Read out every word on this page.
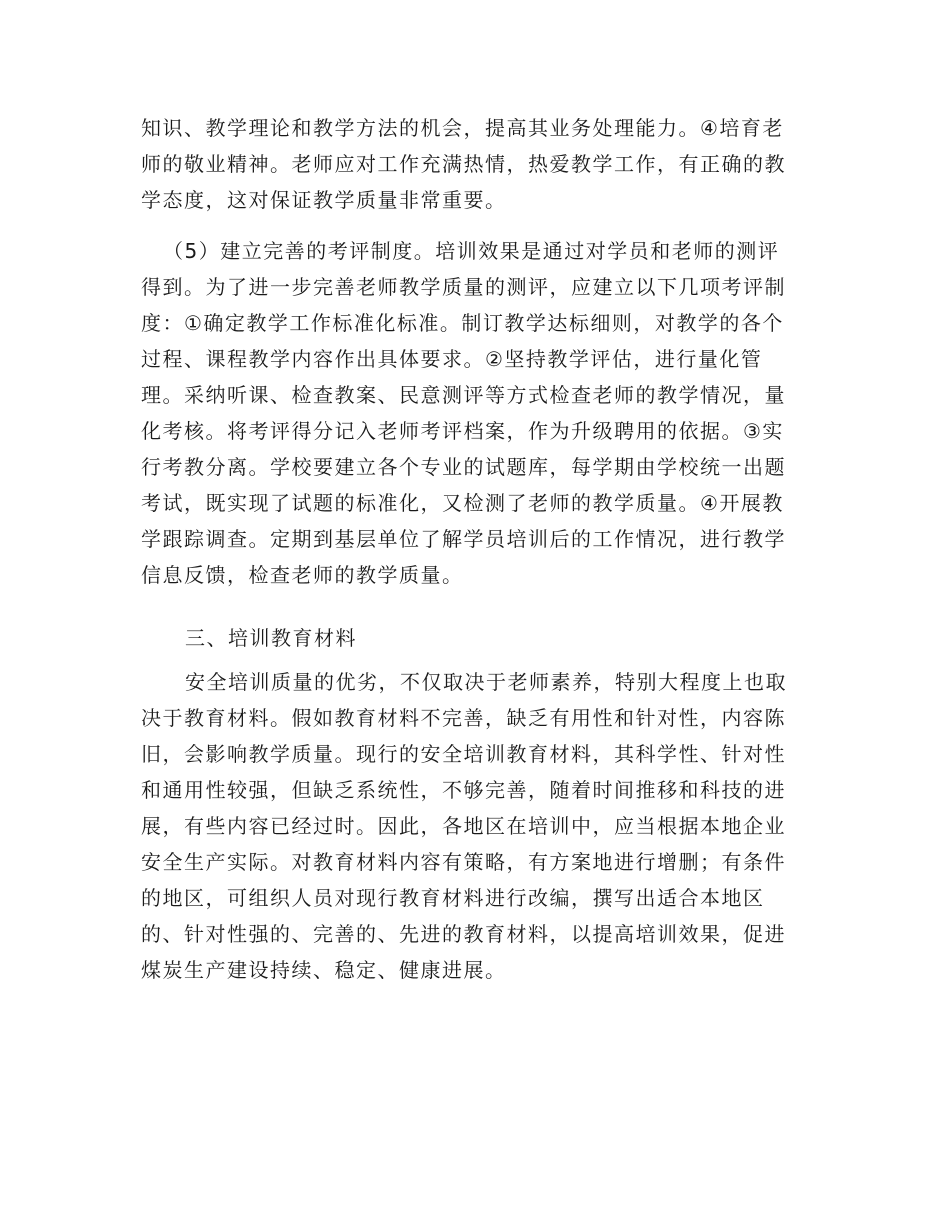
知识、教学理论和教学方法的机会，提高其业务处理能力。④培育老
师的敬业精神。老师应对工作充满热情，热爱教学工作，有正确的教
学态度，这对保证教学质量非常重要。
（5）建立完善的考评制度。培训效果是通过对学员和老师的测评
得到。为了进一步完善老师教学质量的测评，应建立以下几项考评制
度：①确定教学工作标准化标准。制订教学达标细则，对教学的各个
过程、课程教学内容作出具体要求。②坚持教学评估，进行量化管
理。采纳听课、检查教案、民意测评等方式检查老师的教学情况，量
化考核。将考评得分记入老师考评档案，作为升级聘用的依据。③实
行考教分离。学校要建立各个专业的试题库，每学期由学校统一出题
考试，既实现了试题的标准化，又检测了老师的教学质量。④开展教
学跟踪调查。定期到基层单位了解学员培训后的工作情况，进行教学
信息反馈，检查老师的教学质量。
三、培训教育材料
安全培训质量的优劣，不仅取决于老师素养，特别大程度上也取
决于教育材料。假如教育材料不完善，缺乏有用性和针对性，内容陈
旧，会影响教学质量。现行的安全培训教育材料，其科学性、针对性
和通用性较强，但缺乏系统性，不够完善，随着时间推移和科技的进
展，有些内容已经过时。因此，各地区在培训中，应当根据本地企业
安全生产实际。对教育材料内容有策略，有方案地进行增删；有条件
的地区，可组织人员对现行教育材料进行改编，撰写出适合本地区
的、针对性强的、完善的、先进的教育材料，以提高培训效果，促进
煤炭生产建设持续、稳定、健康进展。
